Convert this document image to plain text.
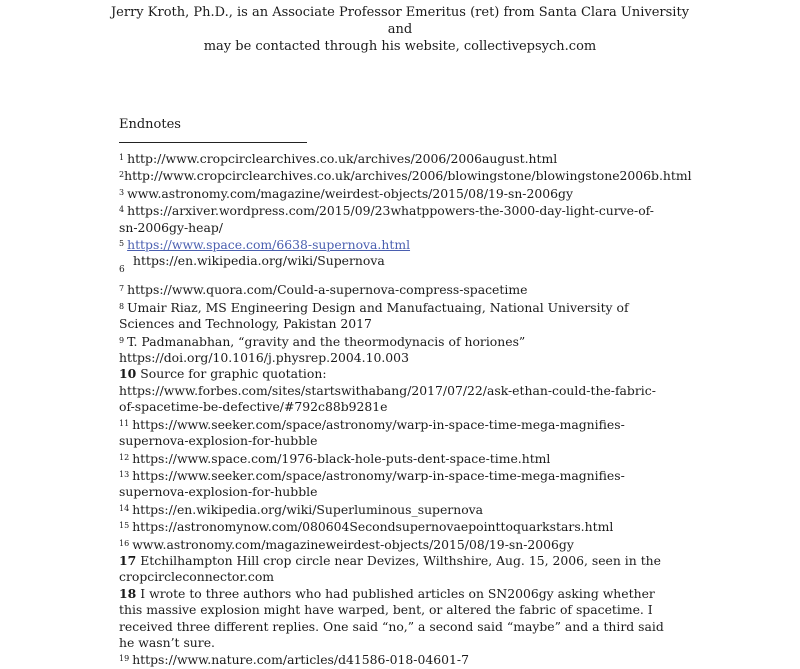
Jerry Kroth, Ph.D., is an Associate Professor Emeritus (ret) from Santa Clara University and
may be contacted through his website, collectivepsych.com
Endnotes

$^1$ http://www.cropcirclearchives.co.uk/archives/2006/2006august.html

$^2$http://www.cropcirclearchives.co.uk/archives/2006/blowingstone/blowingstone2006b.html

$^3$ www.astronomy.com/magazine/weirdest-objects/2015/08/19-sn-2006gy

$^4$ https://arxiver.wordpress.com/2015/09/23whatppowers-the-3000-day-light-curve-of-sn-2006gy-heap/

$^5$ https://www.space.com/6638-supernova.html

6
https://en.wikipedia.org/wiki/Supernova

$^7$ https://www.quora.com/Could-a-supernova-compress-spacetime

$^8$ Umair Riaz, MS Engineering Design and Manufactuaing, National University of Sciences and Technology, Pakistan 2017

$^9$ T. Padmanabhan, “gravity and the theormodynacis of horiones” https://doi.org/10.1016/j.physrep.2004.10.003

10 Source for graphic quotation: https://www.forbes.com/sites/startswithabang/2017/07/22/ask-ethan-could-the-fabric-of-spacetime-be-defective/#792c88b9281e

$^{11}$ https://www.seeker.com/space/astronomy/warp-in-space-time-mega-magnifies-supernova-explosion-for-hubble

$^{12}$ https://www.space.com/1976-black-hole-puts-dent-space-time.html

$^{13}$ https://www.seeker.com/space/astronomy/warp-in-space-time-mega-magnifies-supernova-explosion-for-hubble

$^{14}$ https://en.wikipedia.org/wiki/Superluminous_supernova

$^{15}$ https://astronomynow.com/080604Secondsupernovaepointtoquarkstars.html

$^{16}$ www.astronomy.com/magazineweirdest-objects/2015/08/19-sn-2006gy

17 Etchilhampton Hill crop circle near Devizes, Wilthshire, Aug. 15, 2006, seen in the cropcircleconnector.com

18 I wrote to three authors who had published articles on SN2006gy asking whether this massive explosion might have warped, bent, or altered the fabric of spacetime. I received three different replies. One said “no,” a second said “maybe” and a third said he wasn’t sure.

$^{19}$ https://www.nature.com/articles/d41586-018-04601-7
